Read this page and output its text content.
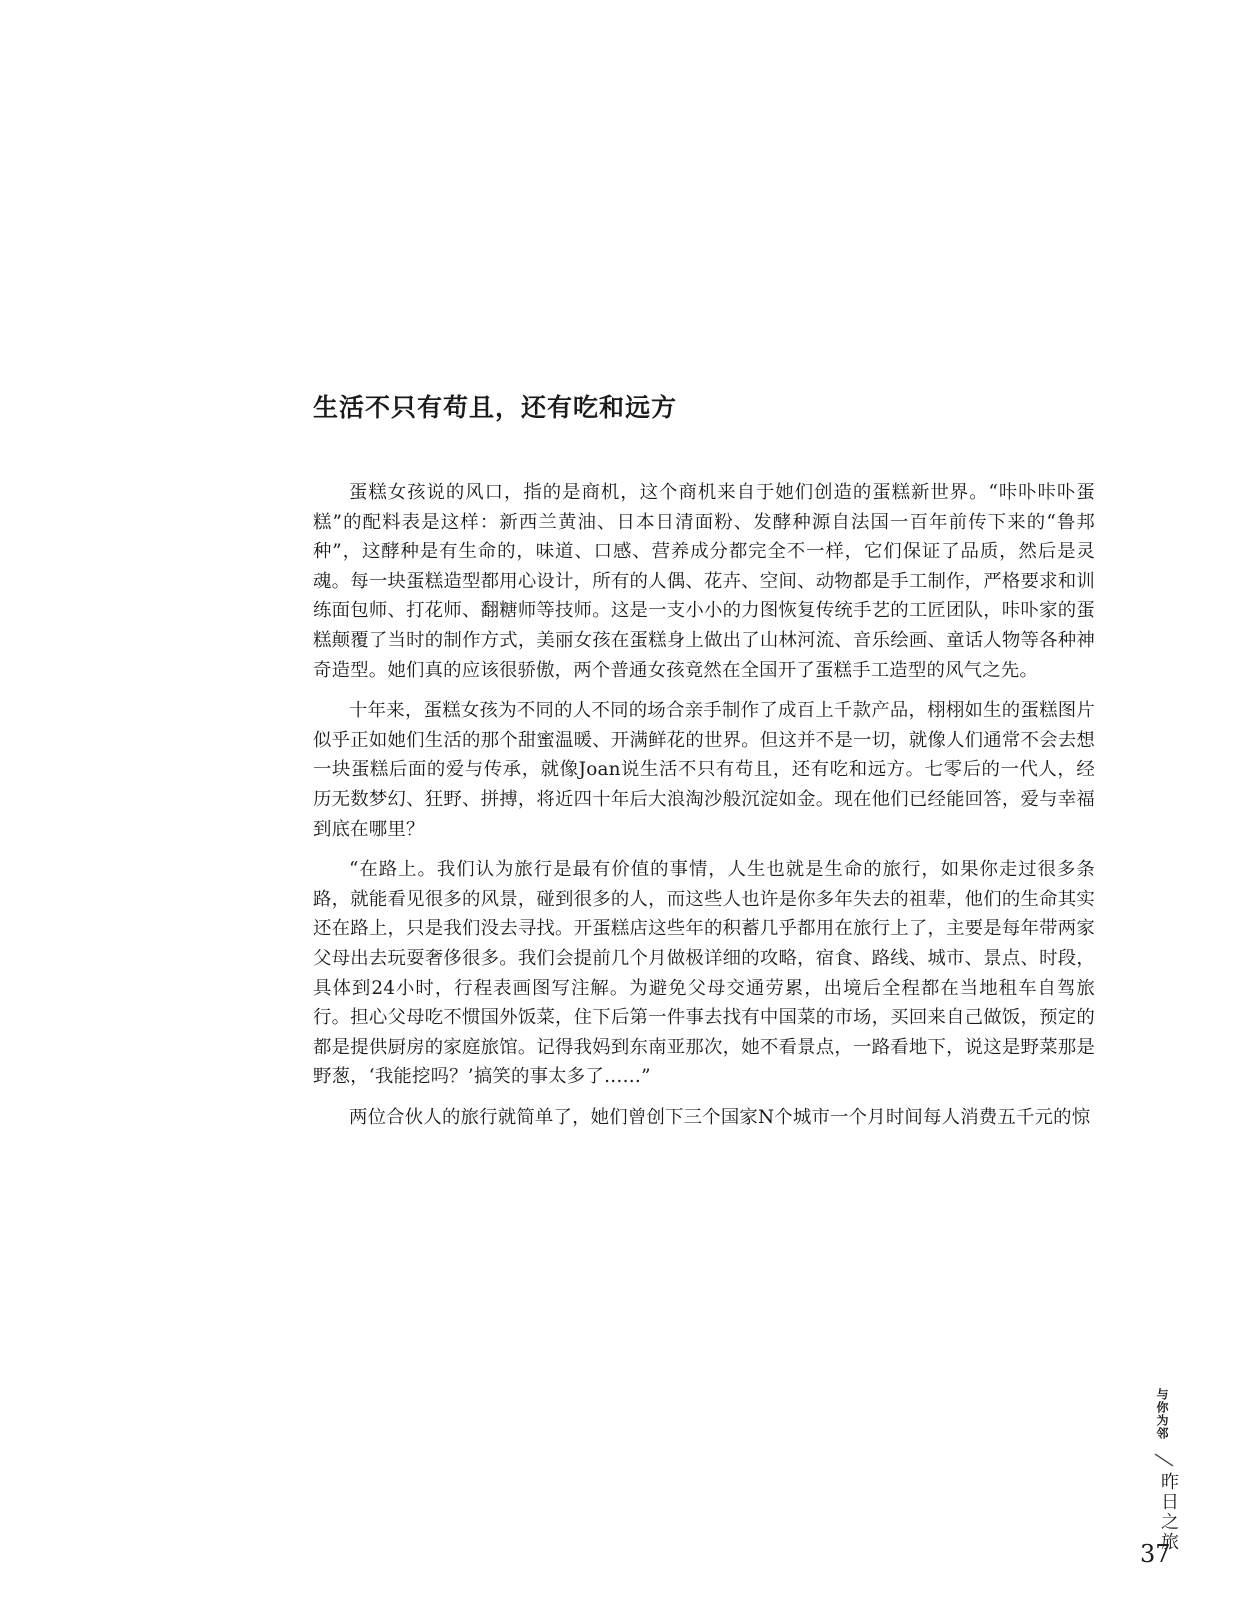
生活不只有苟且，还有吃和远方

蛋糕女孩说的风口，指的是商机，这个商机来自于她们创造的蛋糕新世界。“咔卟咔卟蛋糕”的配料表是这样：新西兰黄油、日本日清面粉、发酵种源自法国一百年前传下来的“鲁邦种”，这酵种是有生命的，味道、口感、营养成分都完全不一样，它们保证了品质，然后是灵魂。每一块蛋糕造型都用心设计，所有的人偶、花卉、空间、动物都是手工制作，严格要求和训练面包师、打花师、翻糖师等技师。这是一支小小的力图恢复传统手艺的工匠团队，咔卟家的蛋糕颠覆了当时的制作方式，美丽女孩在蛋糕身上做出了山林河流、音乐绘画、童话人物等各种神奇造型。她们真的应该很骄傲，两个普通女孩竟然在全国开了蛋糕手工造型的风气之先。

十年来，蛋糕女孩为不同的人不同的场合亲手制作了成百上千款产品，栩栩如生的蛋糕图片似乎正如她们生活的那个甜蜜温暖、开满鲜花的世界。但这并不是一切，就像人们通常不会去想一块蛋糕后面的爱与传承，就像Joan说生活不只有苟且，还有吃和远方。七零后的一代人，经历无数梦幻、狂野、拼搏，将近四十年后大浪淘沙般沉淀如金。现在他们已经能回答，爱与幸福到底在哪里？

“在路上。我们认为旅行是最有价值的事情，人生也就是生命的旅行，如果你走过很多条路，就能看见很多的风景，碰到很多的人，而这些人也许是你多年失去的祖辈，他们的生命其实还在路上，只是我们没去寻找。开蛋糕店这些年的积蓄几乎都用在旅行上了，主要是每年带两家父母出去玩耍奢侈很多。我们会提前几个月做极详细的攻略，宿食、路线、城市、景点、时段，具体到24小时，行程表画图写注解。为避免父母交通劳累，出境后全程都在当地租车自驾旅行。担心父母吃不惯国外饭菜，住下后第一件事去找有中国菜的市场，买回来自己做饭，预定的都是提供厨房的家庭旅馆。记得我妈到东南亚那次，她不看景点，一路看地下，说这是野菜那是野葱，‘我能挖吗？’搞笑的事太多了……”

两位合伙人的旅行就简单了，她们曾创下三个国家N个城市一个月时间每人消费五千元的惊

与你为邻
昨日之旅
37
